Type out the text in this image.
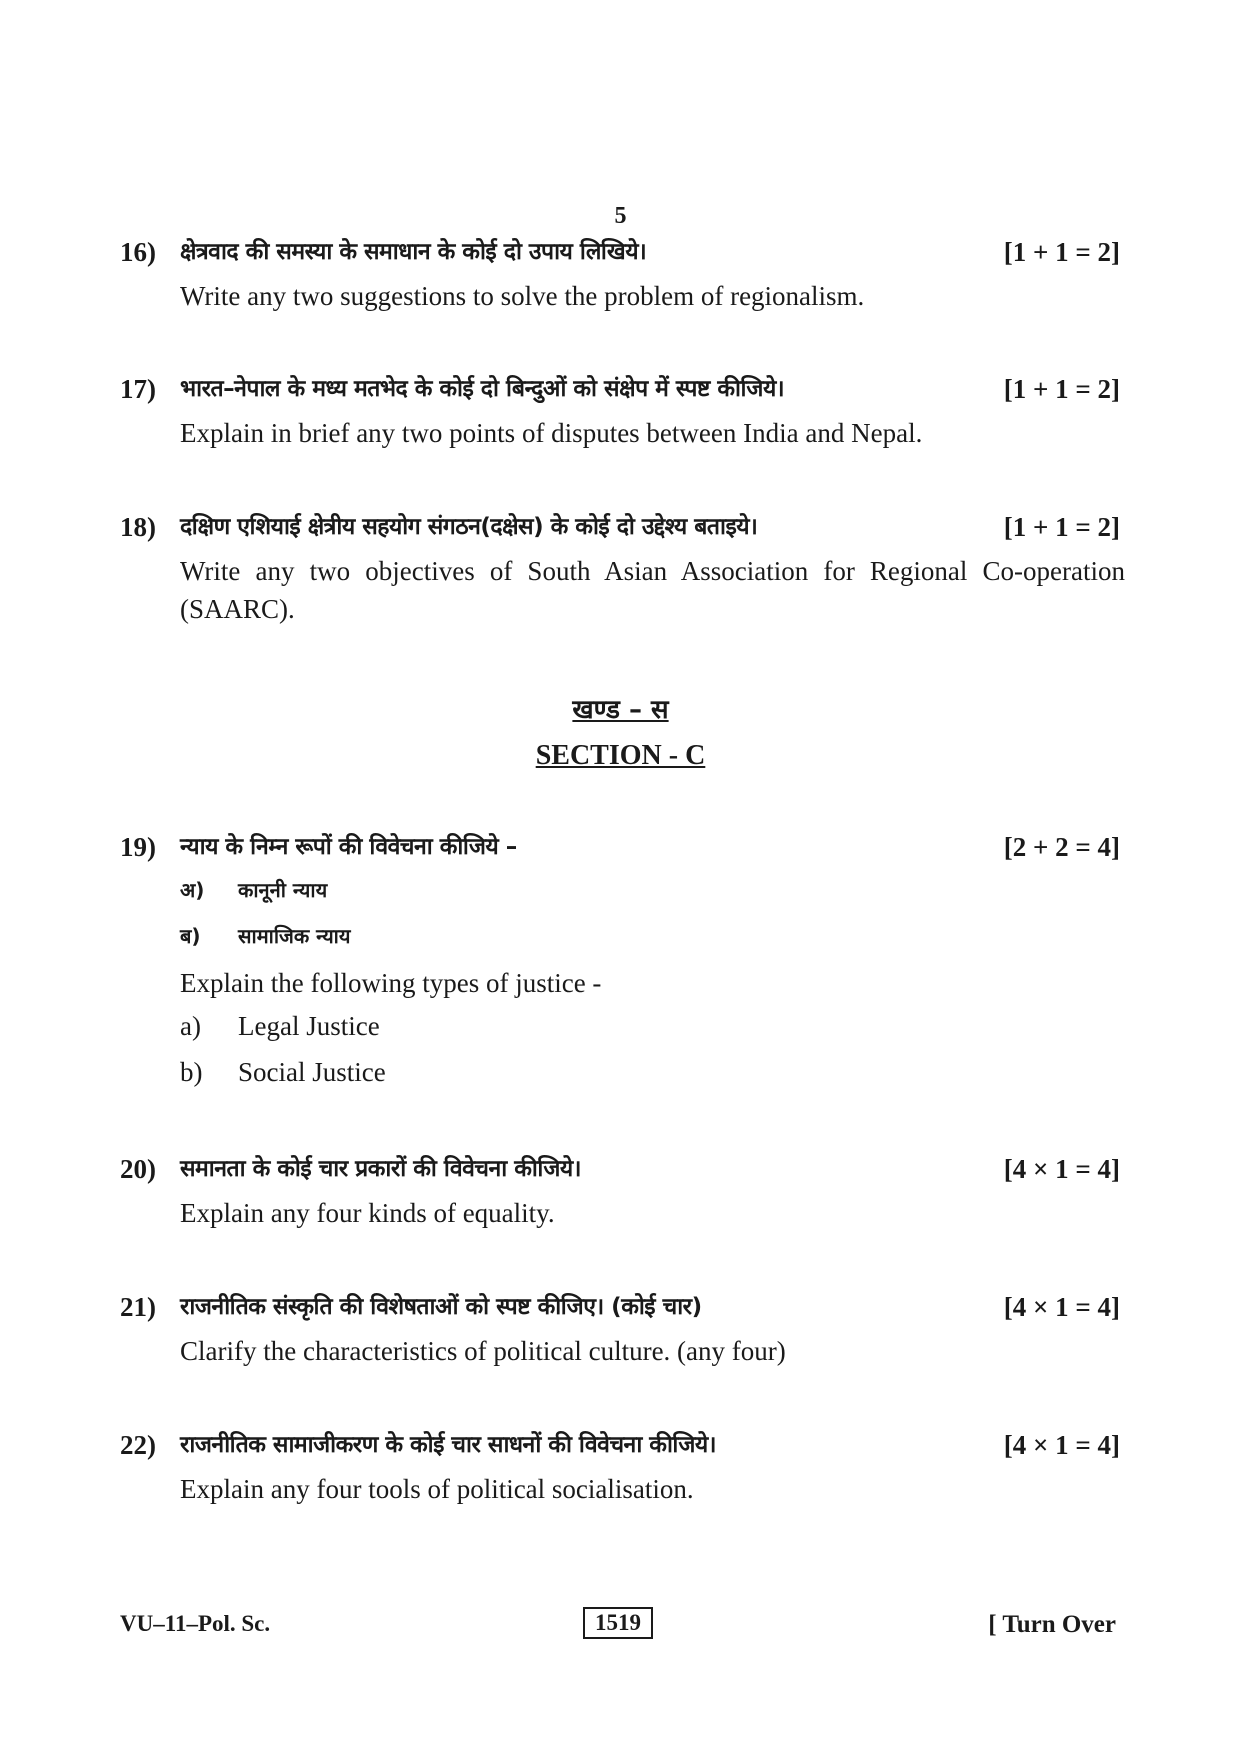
5
16) क्षेत्रवाद की समस्या के समाधान के कोई दो उपाय लिखिये।	[1 + 1 = 2]
Write any two suggestions to solve the problem of regionalism.
17) भारत–नेपाल के मध्य मतभेद के कोई दो बिन्दुओं को संक्षेप में स्पष्ट कीजिये।	[1 + 1 = 2]
Explain in brief any two points of disputes between India and Nepal.
18) दक्षिण एशियाई क्षेत्रीय सहयोग संगठन(दक्षेस) के कोई दो उद्देश्य बताइये।	[1 + 1 = 2]
Write any two objectives of South Asian Association for Regional Co-operation (SAARC).
खण्ड – स
SECTION - C
19) न्याय के निम्न रूपों की विवेचना कीजिये –	[2 + 2 = 4]
अ) कानूनी न्याय
ब) सामाजिक न्याय
Explain the following types of justice -
a) Legal Justice
b) Social Justice
20) समानता के कोई चार प्रकारों की विवेचना कीजिये।	[4 × 1 = 4]
Explain any four kinds of equality.
21) राजनीतिक संस्कृति की विशेषताओं को स्पष्ट कीजिए। (कोई चार)	[4 × 1 = 4]
Clarify the characteristics of political culture. (any four)
22) राजनीतिक सामाजीकरण के कोई चार साधनों की विवेचना कीजिये।	[4 × 1 = 4]
Explain any four tools of political socialisation.
VU–11–Pol. Sc.	1519	[ Turn Over
